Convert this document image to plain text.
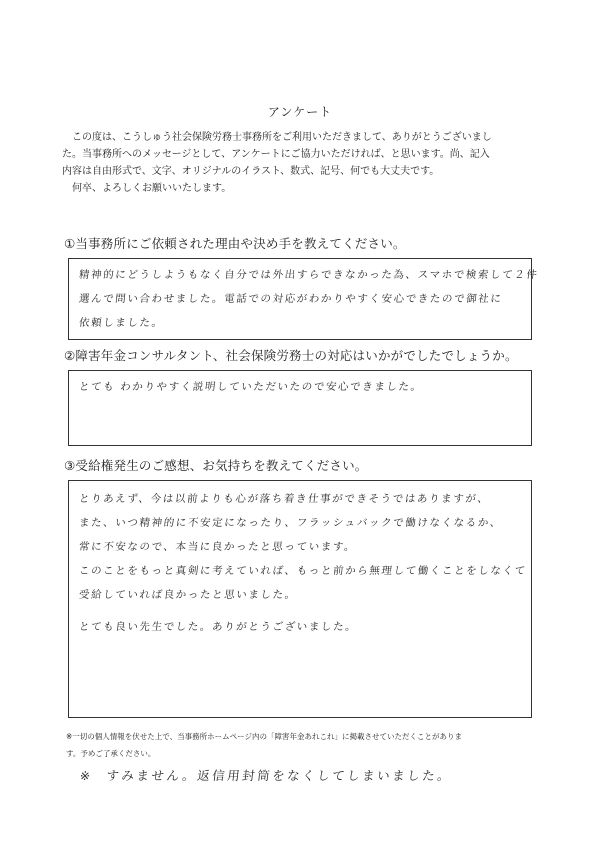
アンケート

この度は、こうしゅう社会保険労務士事務所をご利用いただきまして、ありがとうございまし

た。当事務所へのメッセージとして、アンケートにご協力いただければ、と思います。尚、記入

内容は自由形式で、文字、オリジナルのイラスト、数式、記号、何でも大丈夫です。

何卒、よろしくお願いいたします。

①当事務所にご依頼された理由や決め手を教えてください。
精神的にどうしようもなく自分では外出すらできなかった為、スマホで検索して２件
選んで問い合わせました。電話での対応がわかりやすく安心できたので御社に
依頼しました。
②障害年金コンサルタント、社会保険労務士の対応はいかがでしたでしょうか。
とても わかりやすく説明していただいたので安心できました。
③受給権発生のご感想、お気持ちを教えてください。
とりあえず、今は以前よりも心が落ち着き仕事ができそうではありますが、
また、いつ精神的に不安定になったり、フラッシュバックで働けなくなるか、
常に不安なので、本当に良かったと思っています。
このことをもっと真剣に考えていれば、もっと前から無理して働くことをしなくて
受給していれば良かったと思いました。
とても良い先生でした。ありがとうございました。

※一切の個人情報を伏せた上で、当事務所ホームページ内の「障害年金あれこれ」に掲載させていただくことがありま

す。予めご了承ください。

※ すみません。返信用封筒をなくしてしまいました。
